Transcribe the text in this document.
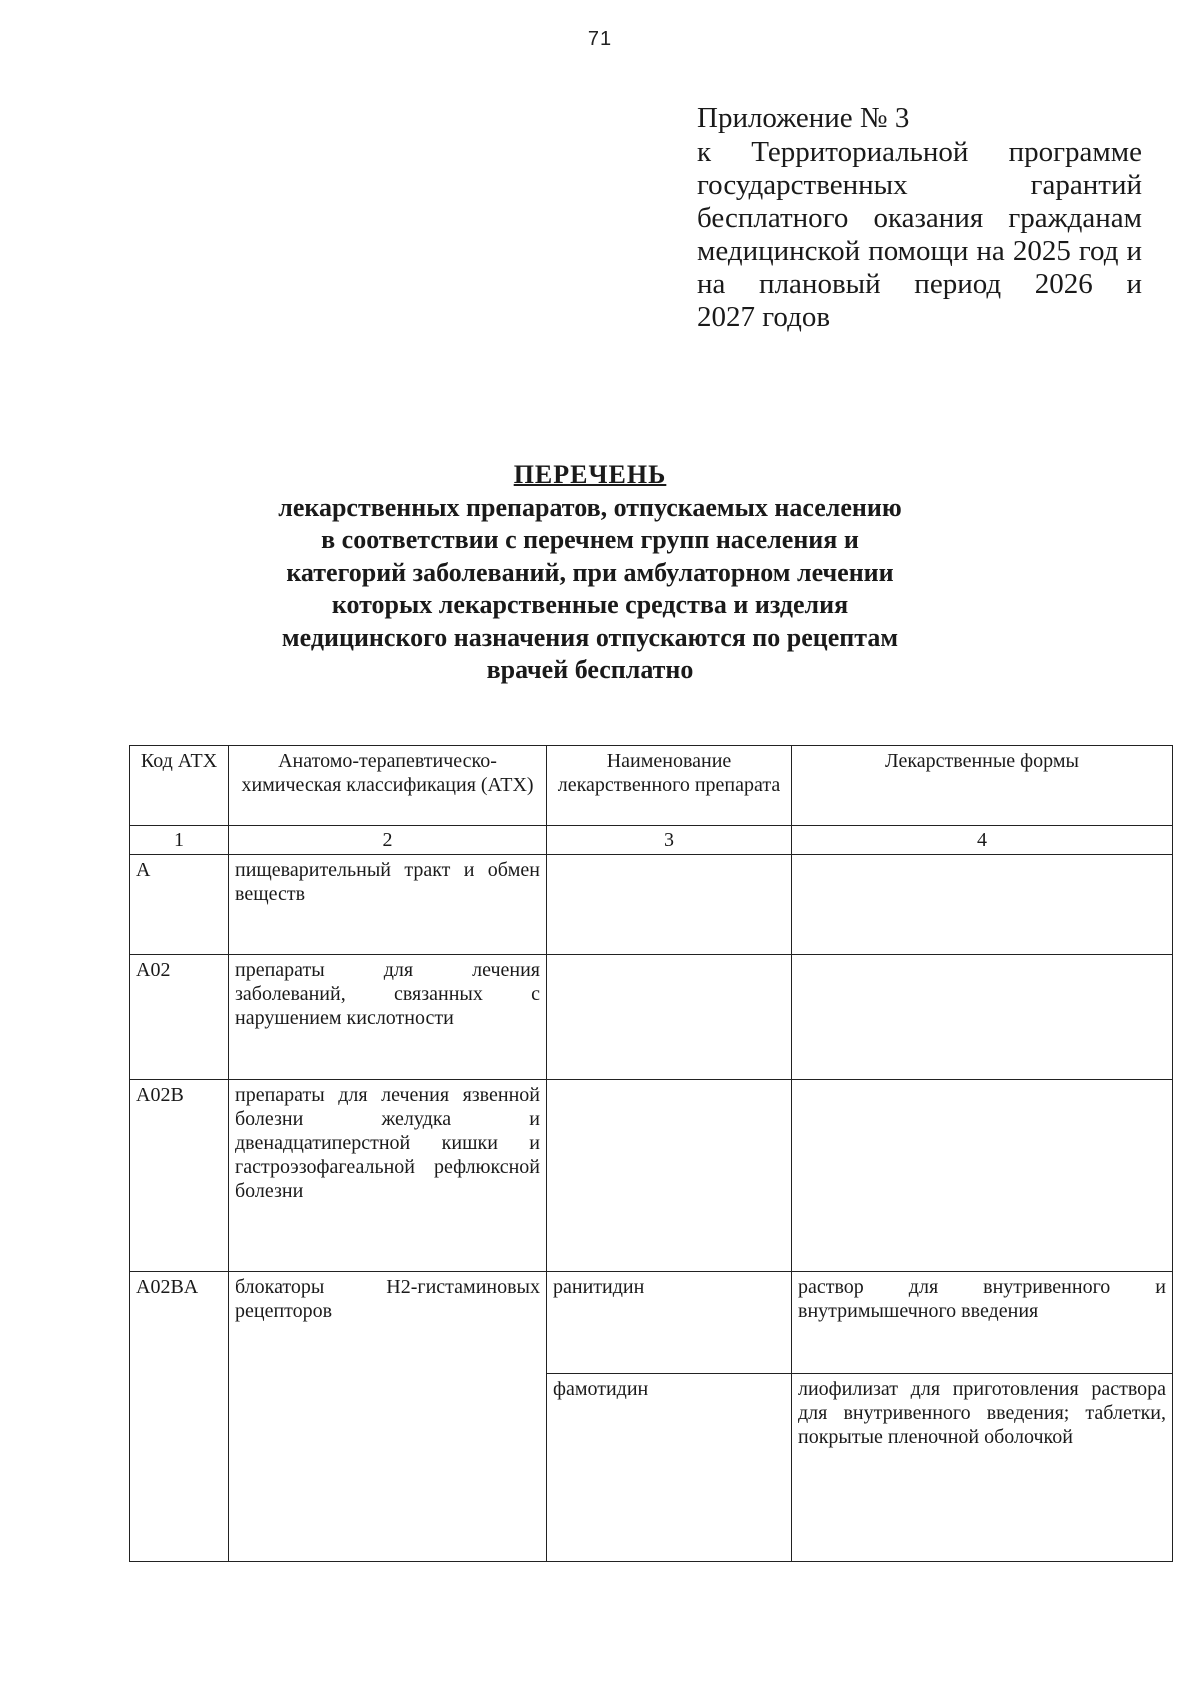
71
Приложение № 3
к Территориальной программе государственных гарантий бесплатного оказания гражданам медицинской помощи на 2025 год и на плановый период 2026 и
2027 годов
ПЕРЕЧЕНЬ
лекарственных препаратов, отпускаемых населению
в соответствии с перечнем групп населения и
категорий заболеваний, при амбулаторном лечении
которых лекарственные средства и изделия
медицинского назначения отпускаются по рецептам
врачей бесплатно
Код АТХ	Анатомо-терапевтическо-химическая классификация (АТХ)	Наименование лекарственного препарата	Лекарственные формы
1	2	3	4
A	пищеварительный тракт и обмен веществ		
A02	препараты для лечения заболеваний, связанных с нарушением кислотности		
A02B	препараты для лечения язвенной болезни желудка и двенадцатиперстной кишки и гастроэзофагеальной рефлюксной болезни		
A02BA	блокаторы H2-гистаминовых рецепторов	ранитидин	раствор для внутривенного и внутримышечного введения
		фамотидин	лиофилизат для приготовления раствора для внутривенного введения; таблетки, покрытые пленочной оболочкой
